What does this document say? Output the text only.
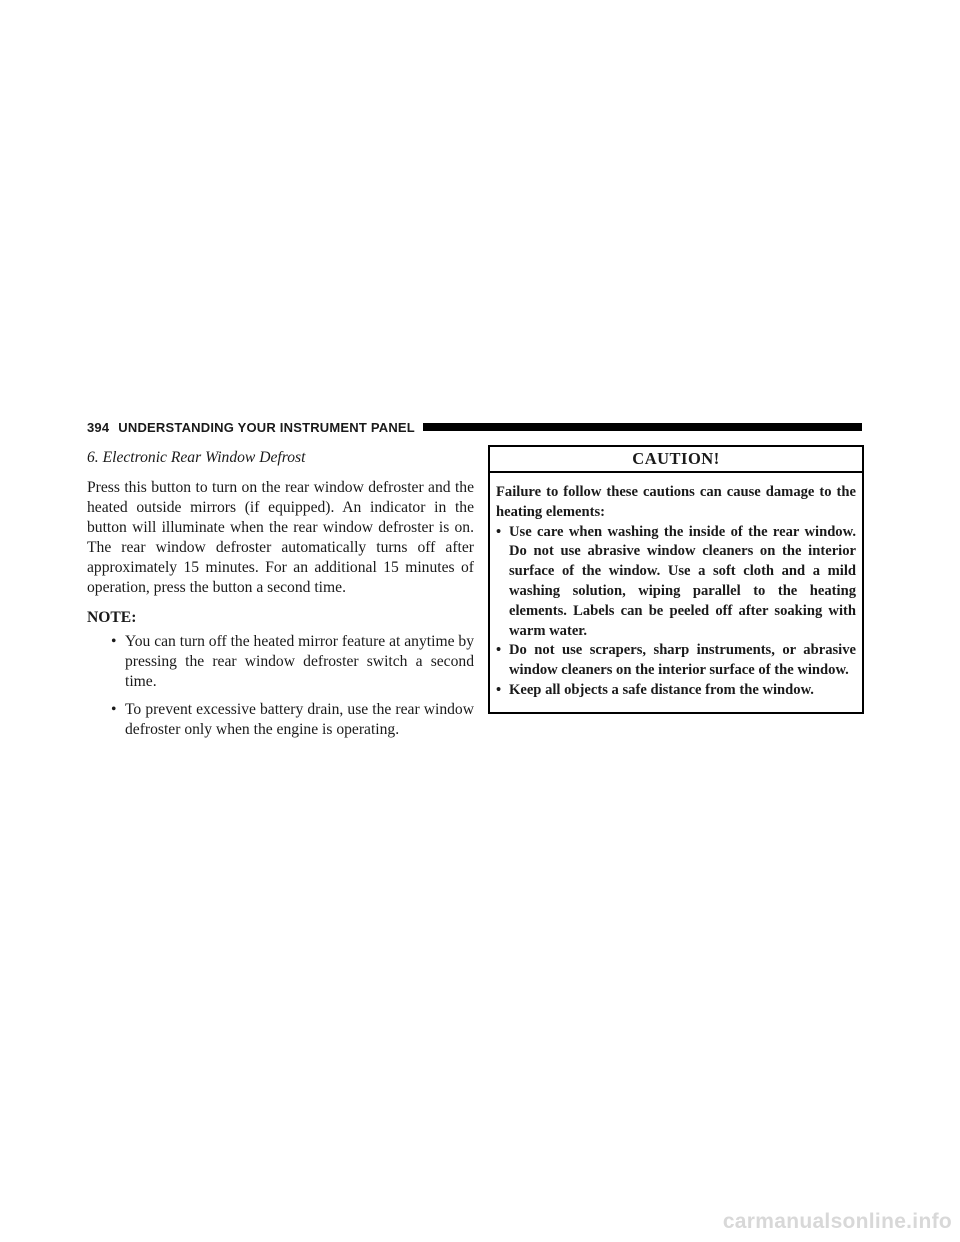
394 UNDERSTANDING YOUR INSTRUMENT PANEL

6. Electronic Rear Window Defrost

Press this button to turn on the rear window defroster and the heated outside mirrors (if equipped). An indicator in the button will illuminate when the rear window defroster is on. The rear window defroster automatically turns off after approximately 15 minutes. For an additional 15 minutes of operation, press the button a second time.

NOTE:

• You can turn off the heated mirror feature at anytime by pressing the rear window defroster switch a second time.
• To prevent excessive battery drain, use the rear window defroster only when the engine is operating.
CAUTION!

Failure to follow these cautions can cause damage to the heating elements:

• Use care when washing the inside of the rear window. Do not use abrasive window cleaners on the interior surface of the window. Use a soft cloth and a mild washing solution, wiping parallel to the heating elements. Labels can be peeled off after soaking with warm water.
• Do not use scrapers, sharp instruments, or abrasive window cleaners on the interior surface of the window.
• Keep all objects a safe distance from the window.
carmanualsonline.info
